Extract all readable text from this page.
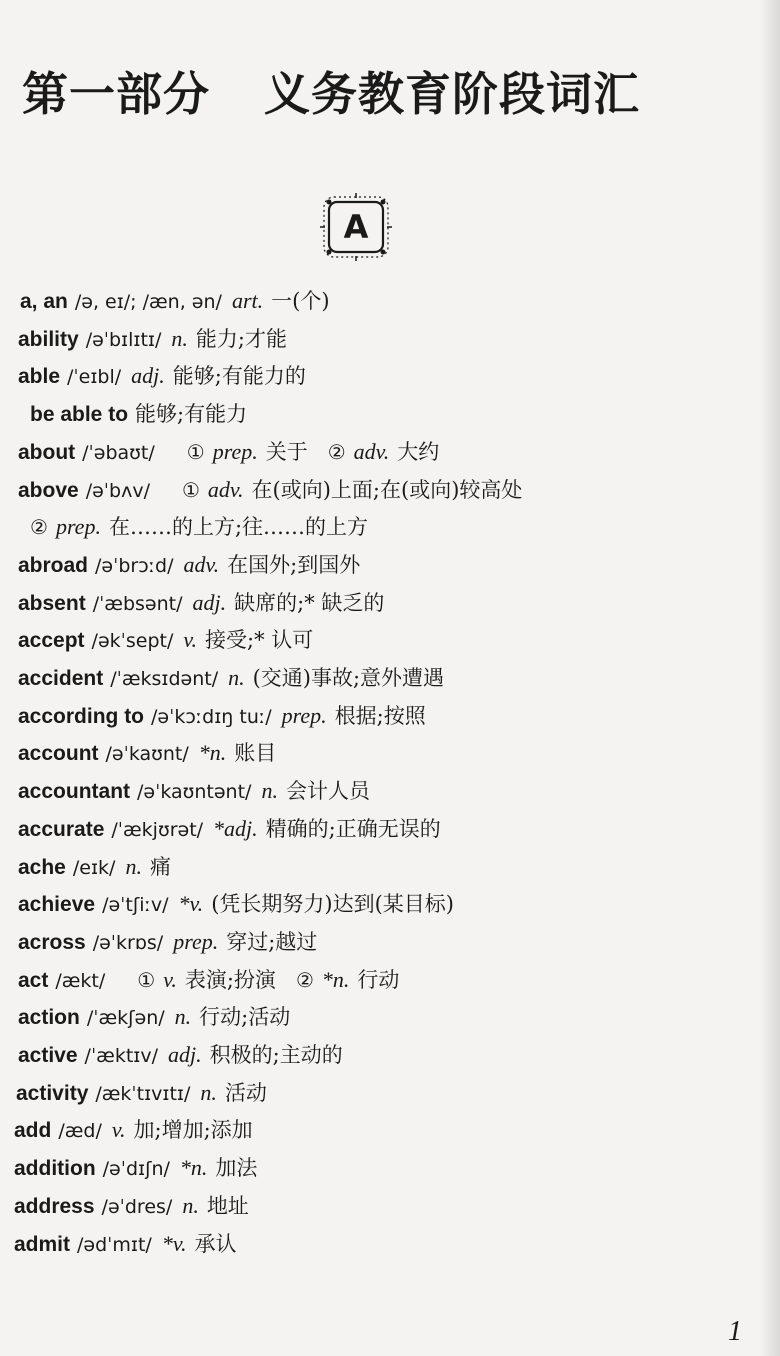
第一部分 义务教育阶段词汇
A
a, an /ə, eɪ/; /æn, ən/ art. 一(个)
ability /əˈbɪlɪtɪ/ n. 能力;才能
able /ˈeɪbl/ adj. 能够;有能力的
be able to 能够;有能力
about /ˈəbaʊt/ ① prep. 关于 ② adv. 大约
above /əˈbʌv/ ① adv. 在(或向)上面;在(或向)较高处
② prep. 在……的上方;往……的上方
abroad /əˈbrɔːd/ adv. 在国外;到国外
absent /ˈæbsənt/ adj. 缺席的;* 缺乏的
accept /əkˈsept/ v. 接受;* 认可
accident /ˈæksɪdənt/ n. (交通)事故;意外遭遇
according to /əˈkɔːdɪŋ tuː/ prep. 根据;按照
account /əˈkaʊnt/ *n. 账目
accountant /əˈkaʊntənt/ n. 会计人员
accurate /ˈækjʊrət/ *adj. 精确的;正确无误的
ache /eɪk/ n. 痛
achieve /əˈtʃiːv/ *v. (凭长期努力)达到(某目标)
across /əˈkrɒs/ prep. 穿过;越过
act /ækt/ ① v. 表演;扮演 ② *n. 行动
action /ˈækʃən/ n. 行动;活动
active /ˈæktɪv/ adj. 积极的;主动的
activity /ækˈtɪvɪtɪ/ n. 活动
add /æd/ v. 加;增加;添加
addition /əˈdɪʃn/ *n. 加法
address /əˈdres/ n. 地址
admit /ədˈmɪt/ *v. 承认
1
